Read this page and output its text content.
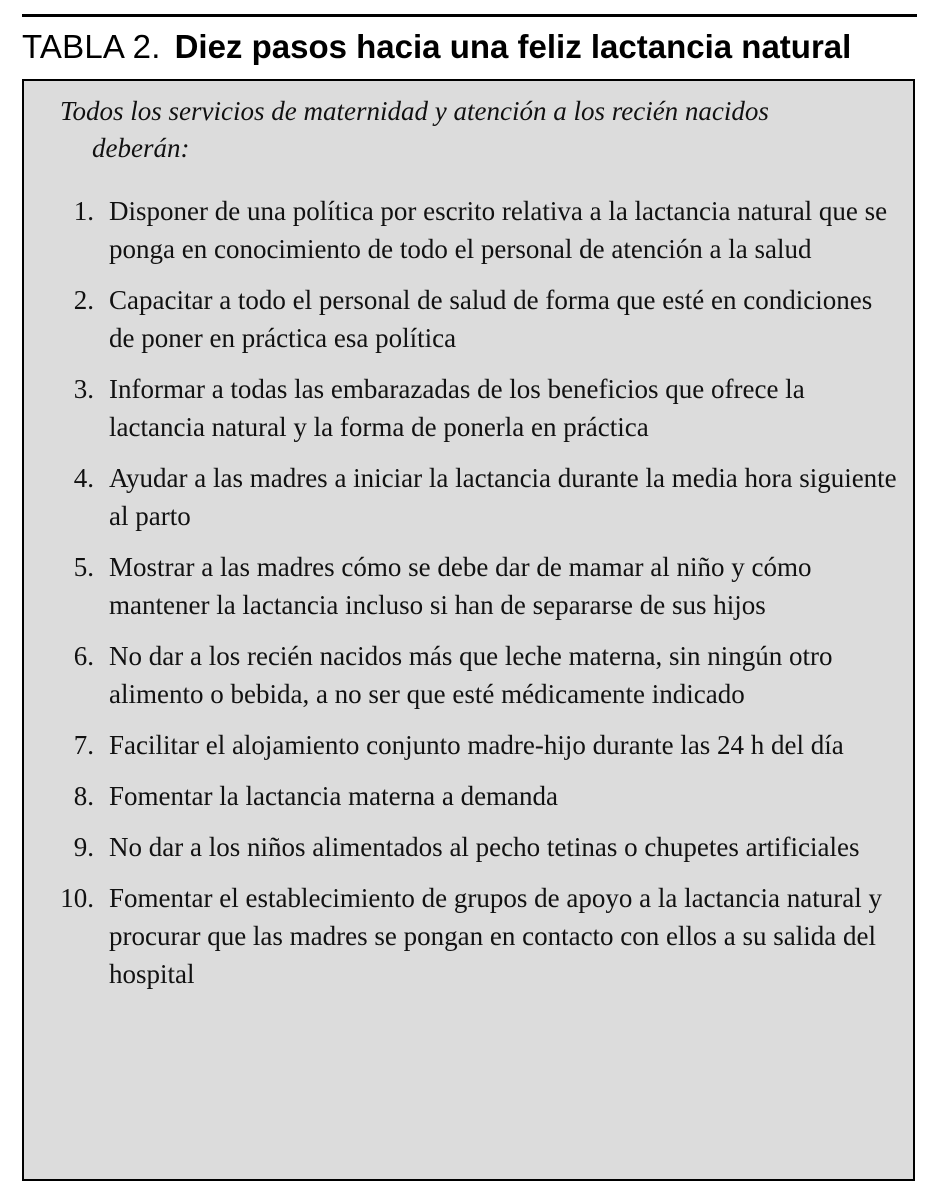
TABLA 2. Diez pasos hacia una feliz lactancia natural
Todos los servicios de maternidad y atención a los recién nacidos deberán:
1. Disponer de una política por escrito relativa a la lactancia natural que se ponga en conocimiento de todo el personal de atención a la salud
2. Capacitar a todo el personal de salud de forma que esté en condiciones de poner en práctica esa política
3. Informar a todas las embarazadas de los beneficios que ofrece la lactancia natural y la forma de ponerla en práctica
4. Ayudar a las madres a iniciar la lactancia durante la media hora siguiente al parto
5. Mostrar a las madres cómo se debe dar de mamar al niño y cómo mantener la lactancia incluso si han de separarse de sus hijos
6. No dar a los recién nacidos más que leche materna, sin ningún otro alimento o bebida, a no ser que esté médicamente indicado
7. Facilitar el alojamiento conjunto madre-hijo durante las 24 h del día
8. Fomentar la lactancia materna a demanda
9. No dar a los niños alimentados al pecho tetinas o chupetes artificiales
10. Fomentar el establecimiento de grupos de apoyo a la lactancia natural y procurar que las madres se pongan en contacto con ellos a su salida del hospital
